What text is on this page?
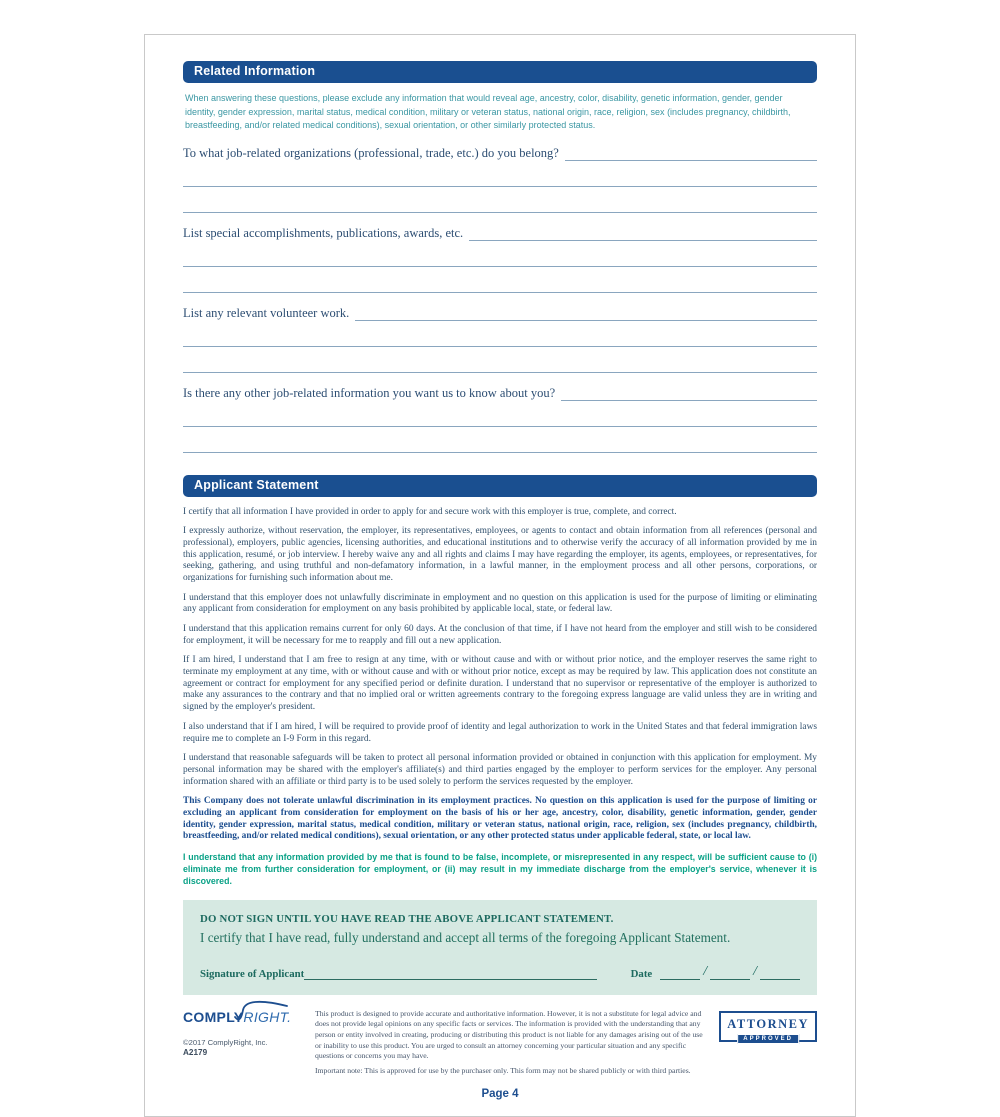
Related Information
When answering these questions, please exclude any information that would reveal age, ancestry, color, disability, genetic information, gender, gender identity, gender expression, marital status, medical condition, military or veteran status, national origin, race, religion, sex (includes pregnancy, childbirth, breastfeeding, and/or related medical conditions), sexual orientation, or other similarly protected status.
To what job-related organizations (professional, trade, etc.) do you belong?
List special accomplishments, publications, awards, etc.
List any relevant volunteer work.
Is there any other job-related information you want us to know about you?
Applicant Statement

I certify that all information I have provided in order to apply for and secure work with this employer is true, complete, and correct.

I expressly authorize, without reservation, the employer, its representatives, employees, or agents to contact and obtain information from all references (personal and professional), employers, public agencies, licensing authorities, and educational institutions and to otherwise verify the accuracy of all information provided by me in this application, resumé, or job interview. I hereby waive any and all rights and claims I may have regarding the employer, its agents, employees, or representatives, for seeking, gathering, and using truthful and non-defamatory information, in a lawful manner, in the employment process and all other persons, corporations, or organizations for furnishing such information about me.

I understand that this employer does not unlawfully discriminate in employment and no question on this application is used for the purpose of limiting or eliminating any applicant from consideration for employment on any basis prohibited by applicable local, state, or federal law.

I understand that this application remains current for only 60 days. At the conclusion of that time, if I have not heard from the employer and still wish to be considered for employment, it will be necessary for me to reapply and fill out a new application.

If I am hired, I understand that I am free to resign at any time, with or without cause and with or without prior notice, and the employer reserves the same right to terminate my employment at any time, with or without cause and with or without prior notice, except as may be required by law. This application does not constitute an agreement or contract for employment for any specified period or definite duration. I understand that no supervisor or representative of the employer is authorized to make any assurances to the contrary and that no implied oral or written agreements contrary to the foregoing express language are valid unless they are in writing and signed by the employer's president.

I also understand that if I am hired, I will be required to provide proof of identity and legal authorization to work in the United States and that federal immigration laws require me to complete an I-9 Form in this regard.

I understand that reasonable safeguards will be taken to protect all personal information provided or obtained in conjunction with this application for employment. My personal information may be shared with the employer's affiliate(s) and third parties engaged by the employer to perform services for the employer. Any personal information shared with an affiliate or third party is to be used solely to perform the services requested by the employer.

This Company does not tolerate unlawful discrimination in its employment practices. No question on this application is used for the purpose of limiting or excluding an applicant from consideration for employment on the basis of his or her age, ancestry, color, disability, genetic information, gender, gender identity, gender expression, marital status, medical condition, military or veteran status, national origin, race, religion, sex (includes pregnancy, childbirth, breastfeeding, and/or related medical conditions), sexual orientation, or any other protected status under applicable federal, state, or local law.

I understand that any information provided by me that is found to be false, incomplete, or misrepresented in any respect, will be sufficient cause to (i) eliminate me from further consideration for employment, or (ii) may result in my immediate discharge from the employer's service, whenever it is discovered.

DO NOT SIGN UNTIL YOU HAVE READ THE ABOVE APPLICANT STATEMENT.
I certify that I have read, fully understand and accept all terms of the foregoing Applicant Statement.
Signature of Applicant	Date	/	/
COMPLYRIGHT.
©2017 ComplyRight, Inc.
A2179
This product is designed to provide accurate and authoritative information. However, it is not a substitute for legal advice and does not provide legal opinions on any specific facts or services. The information is provided with the understanding that any person or entity involved in creating, producing or distributing this product is not liable for any damages arising out of the use or inability to use this product. You are urged to consult an attorney concerning your particular situation and any specific questions or concerns you may have.
Important note: This is approved for use by the purchaser only. This form may not be shared publicly or with third parties.
ATTORNEY
APPROVED
Page 4
